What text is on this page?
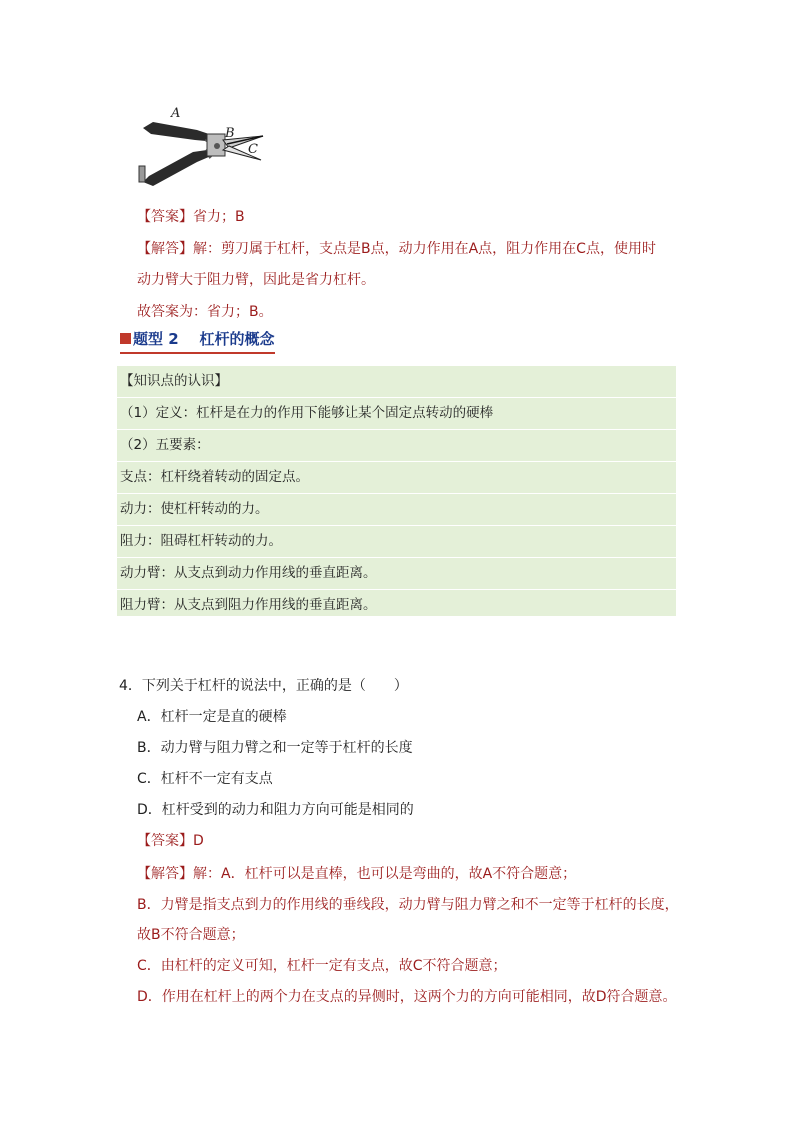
A
B
C
【答案】省力；B
【解答】解：剪刀属于杠杆，支点是B点，动力作用在A点，阻力作用在C点，使用时
动力臂大于阻力臂，因此是省力杠杆。
故答案为：省力；B。
题型 2    杠杆的概念
【知识点的认识】
（1）定义：杠杆是在力的作用下能够让某个固定点转动的硬棒
（2）五要素：
支点：杠杆绕着转动的固定点。
动力：使杠杆转动的力。
阻力：阻碍杠杆转动的力。
动力臂：从支点到动力作用线的垂直距离。
阻力臂：从支点到阻力作用线的垂直距离。
4．下列关于杠杆的说法中，正确的是（　　）
A．杠杆一定是直的硬棒
B．动力臂与阻力臂之和一定等于杠杆的长度
C．杠杆不一定有支点
D．杠杆受到的动力和阻力方向可能是相同的
【答案】D
【解答】解：A．杠杆可以是直棒，也可以是弯曲的，故A不符合题意；
B．力臂是指支点到力的作用线的垂线段，动力臂与阻力臂之和不一定等于杠杆的长度，
故B不符合题意；
C．由杠杆的定义可知，杠杆一定有支点，故C不符合题意；
D．作用在杠杆上的两个力在支点的异侧时，这两个力的方向可能相同，故D符合题意。
